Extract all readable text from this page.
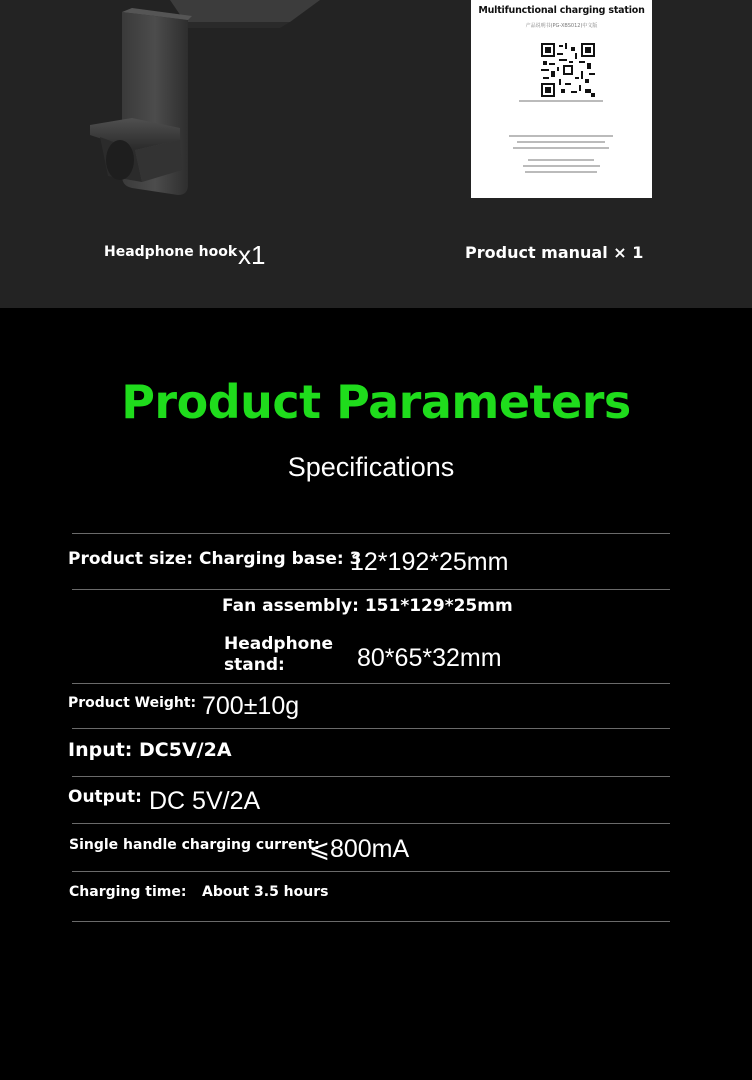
Multifunctional charging station
产品说明书(PG-XBS012)中文版
Headphone hook x1	Product manual × 1
Product Parameters
Specifications
Product size: Charging base: 3
12*192*25mm
Fan assembly: 151*129*25mm
Headphone
stand:	80*65*32mm
Product Weight: 700±10g
Input: DC5V/2A
Output: DC 5V/2A
Single handle charging current:
⩽800mA
Charging time: About 3.5 hours
